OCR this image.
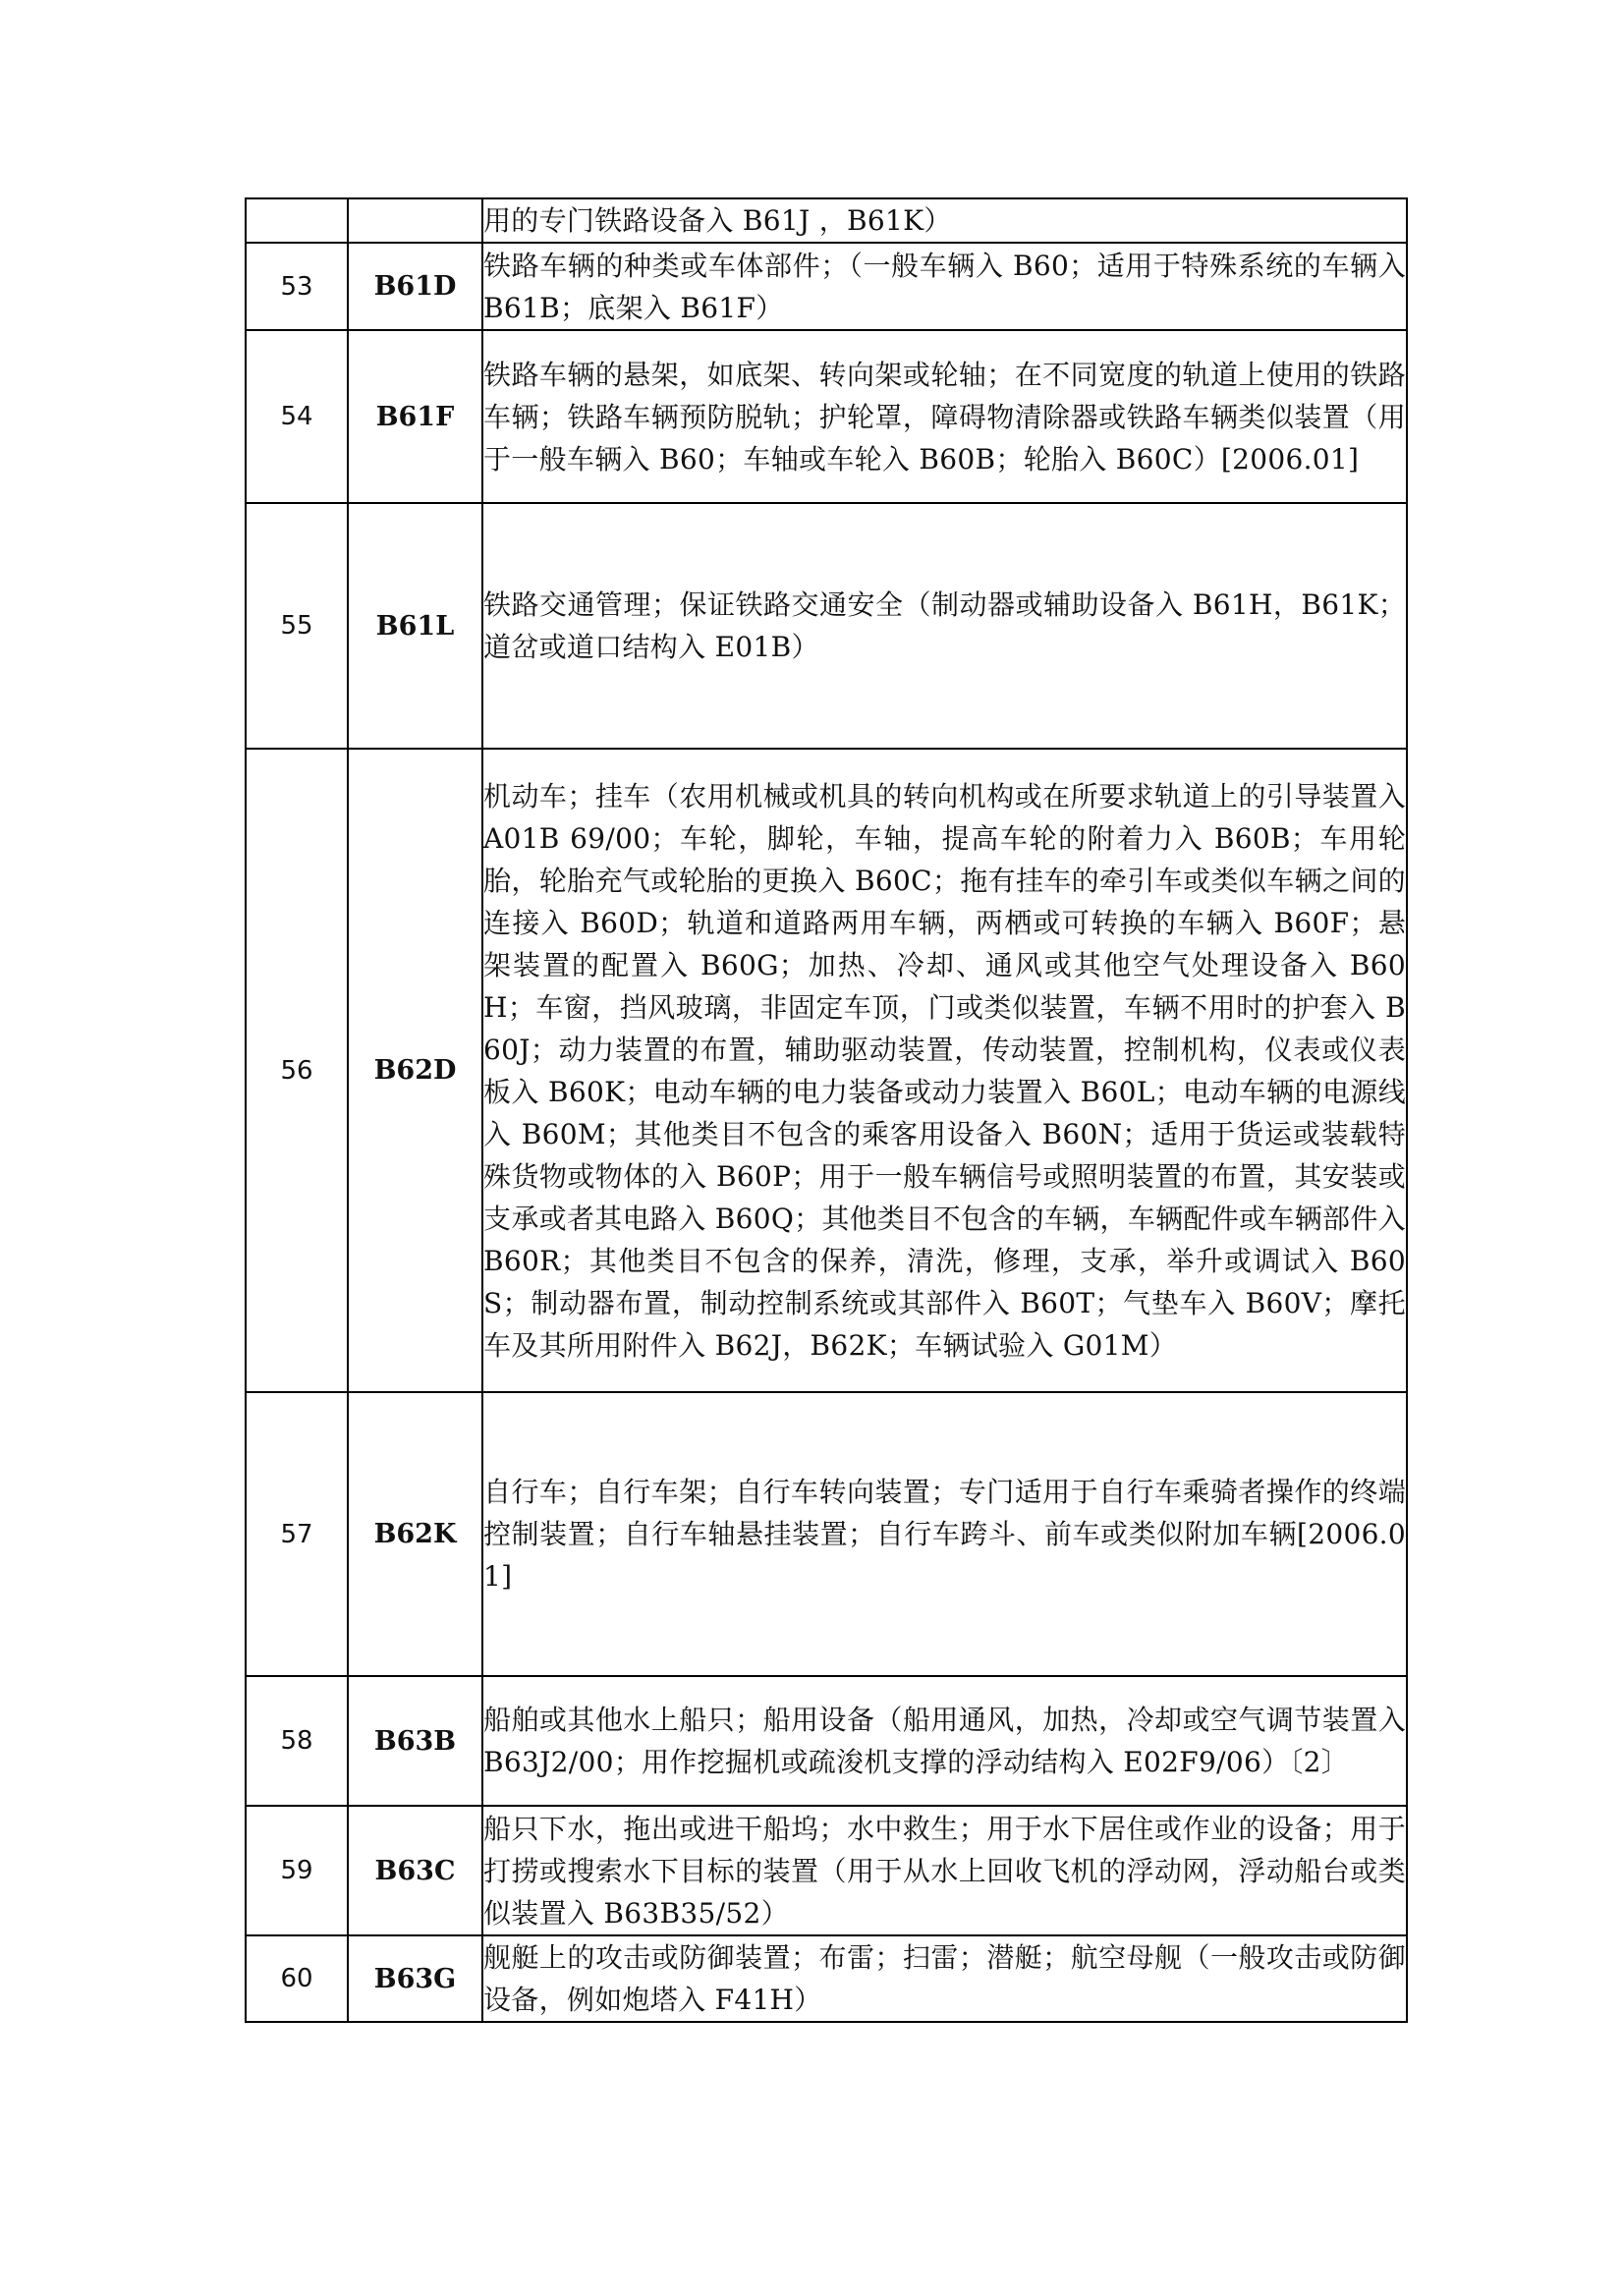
		用的专门铁路设备入 B61J ，B61K）
53	B61D	铁路车辆的种类或车体部件；（一般车辆入 B60；适用于特殊系统的车辆入 B61B；底架入 B61F）
54	B61F	铁路车辆的悬架，如底架、转向架或轮轴；在不同宽度的轨道上使用的铁路车辆；铁路车辆预防脱轨；护轮罩，障碍物清除器或铁路车辆类似装置（用于一般车辆入 B60；车轴或车轮入 B60B；轮胎入 B60C）[2006.01]
55	B61L	铁路交通管理；保证铁路交通安全（制动器或辅助设备入 B61H，B61K；道岔或道口结构入 E01B）
56	B62D	机动车；挂车（农用机械或机具的转向机构或在所要求轨道上的引导装置入 A01B 69/00；车轮，脚轮，车轴，提高车轮的附着力入 B60B；车用轮胎，轮胎充气或轮胎的更换入 B60C；拖有挂车的牵引车或类似车辆之间的连接入 B60D；轨道和道路两用车辆，两栖或可转换的车辆入 B60F；悬架装置的配置入 B60G；加热、冷却、通风或其他空气处理设备入 B60H；车窗，挡风玻璃，非固定车顶，门或类似装置，车辆不用时的护套入 B60J；动力装置的布置，辅助驱动装置，传动装置，控制机构，仪表或仪表板入 B60K；电动车辆的电力装备或动力装置入 B60L；电动车辆的电源线入 B60M；其他类目不包含的乘客用设备入 B60N；适用于货运或装载特殊货物或物体的入 B60P；用于一般车辆信号或照明装置的布置，其安装或支承或者其电路入 B60Q；其他类目不包含的车辆，车辆配件或车辆部件入 B60R；其他类目不包含的保养，清洗，修理，支承，举升或调试入 B60S；制动器布置，制动控制系统或其部件入 B60T；气垫车入 B60V；摩托车及其所用附件入 B62J，B62K；车辆试验入 G01M）
57	B62K	自行车；自行车架；自行车转向装置；专门适用于自行车乘骑者操作的终端控制装置；自行车轴悬挂装置；自行车跨斗、前车或类似附加车辆[2006.01]
58	B63B	船舶或其他水上船只；船用设备（船用通风，加热，冷却或空气调节装置入 B63J2/00；用作挖掘机或疏浚机支撑的浮动结构入 E02F9/06）〔2〕
59	B63C	船只下水，拖出或进干船坞；水中救生；用于水下居住或作业的设备；用于打捞或搜索水下目标的装置（用于从水上回收飞机的浮动网，浮动船台或类似装置入 B63B35/52）
60	B63G	舰艇上的攻击或防御装置；布雷；扫雷；潜艇；航空母舰（一般攻击或防御设备，例如炮塔入 F41H）
